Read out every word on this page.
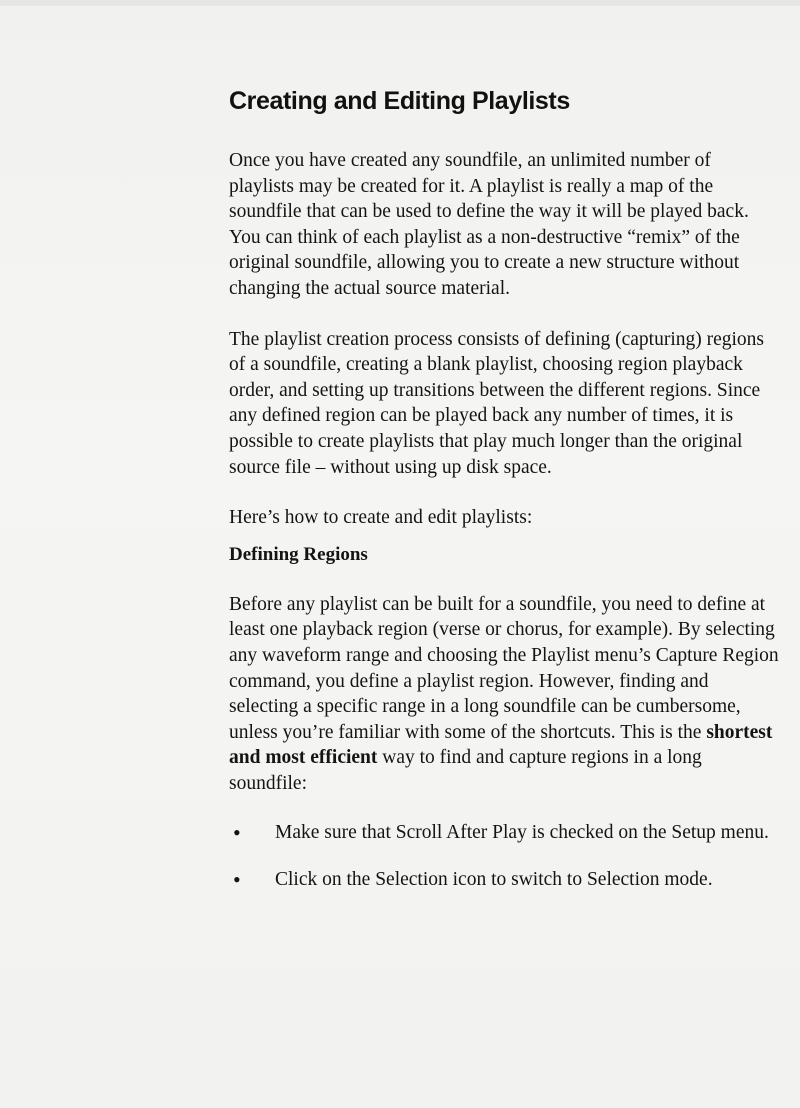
Creating and Editing Playlists

Once you have created any soundfile, an unlimited number of playlists may be created for it. A playlist is really a map of the soundfile that can be used to define the way it will be played back. You can think of each playlist as a non-destructive “remix” of the original soundfile, allowing you to create a new structure without changing the actual source material.

The playlist creation process consists of defining (capturing) regions of a soundfile, creating a blank playlist, choosing region playback order, and setting up transitions between the different regions. Since any defined region can be played back any number of times, it is possible to create playlists that play much longer than the original source file – without using up disk space.

Here’s how to create and edit playlists:

Defining Regions

Before any playlist can be built for a soundfile, you need to define at least one playback region (verse or chorus, for example). By selecting any waveform range and choosing the Playlist menu’s Capture Region command, you define a playlist region. However, finding and selecting a specific range in a long soundfile can be cumbersome, unless you’re familiar with some of the shortcuts. This is the shortest and most efficient way to find and capture regions in a long soundfile:

• Make sure that Scroll After Play is checked on the Setup menu.
• Click on the Selection icon to switch to Selection mode.
